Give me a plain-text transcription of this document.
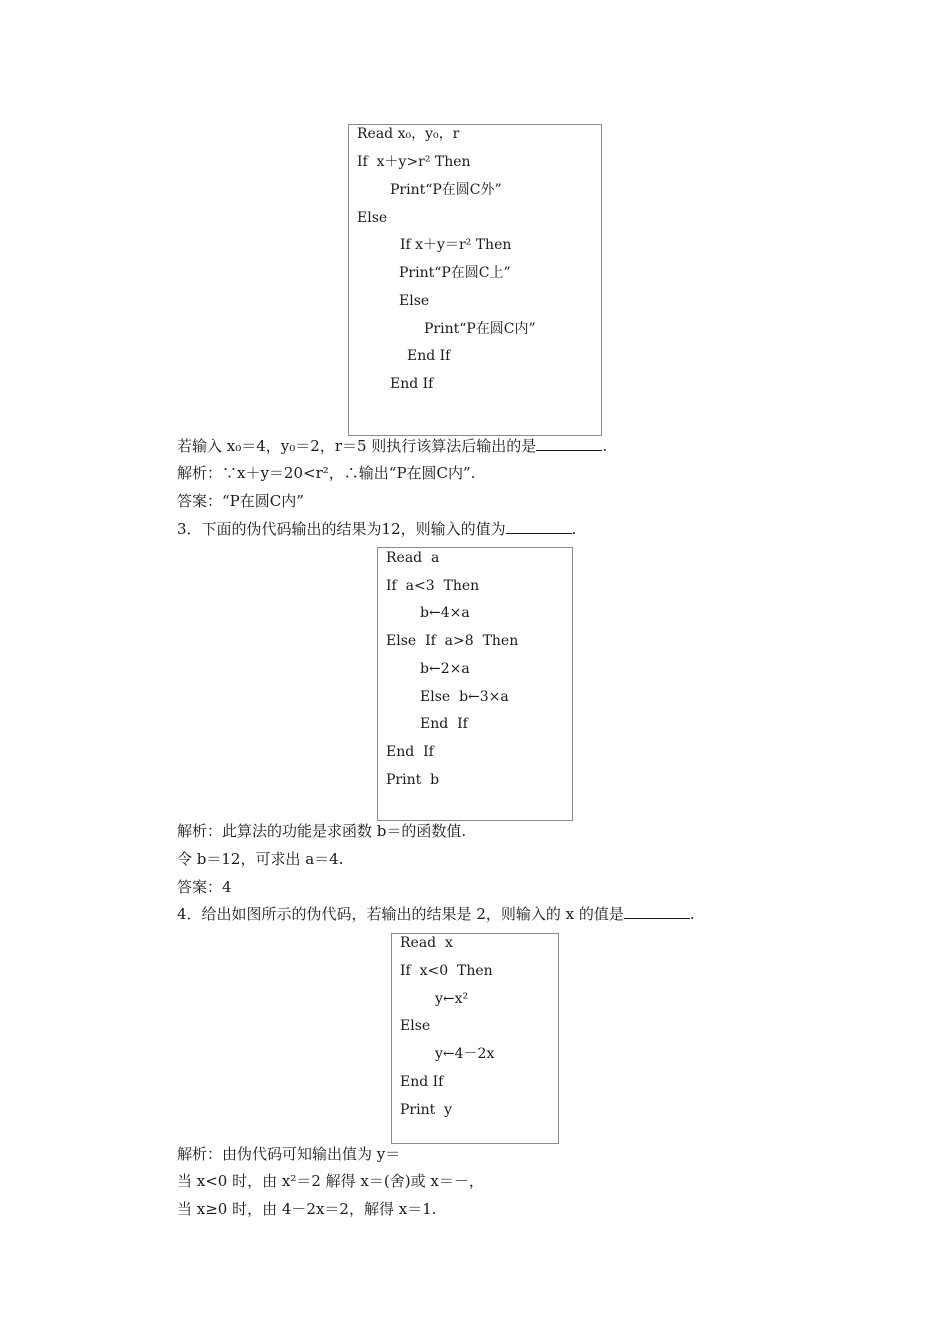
Read x₀，y₀，r
If  x＋y>r² Then
Print“P在圆C外”
Else
If x＋y＝r² Then
Print“P在圆C上”
Else
Print“P在圆C内”
End If
End If
若输入 x₀＝4，y₀＝2，r＝5 则执行该算法后输出的是	.
解析：∵x＋y＝20<r²，∴输出“P在圆C内”.
答案：“P在圆C内”
3．下面的伪代码输出的结果为12，则输入的值为	.
Read  a
If  a<3  Then
b←4×a
Else  If  a>8  Then
b←2×a
Else  b←3×a
End  If
End  If
Print  b
解析：此算法的功能是求函数 b＝的函数值.
令 b＝12，可求出 a＝4.
答案：4
4．给出如图所示的伪代码，若输出的结果是 2，则输入的 x 的值是	.
Read  x
If  x<0  Then
y←x²
Else
y←4－2x
End If
Print  y
解析：由伪代码可知输出值为 y＝
当 x<0 时，由 x²＝2 解得 x＝(舍)或 x＝－，
当 x≥0 时，由 4－2x＝2，解得 x＝1.
